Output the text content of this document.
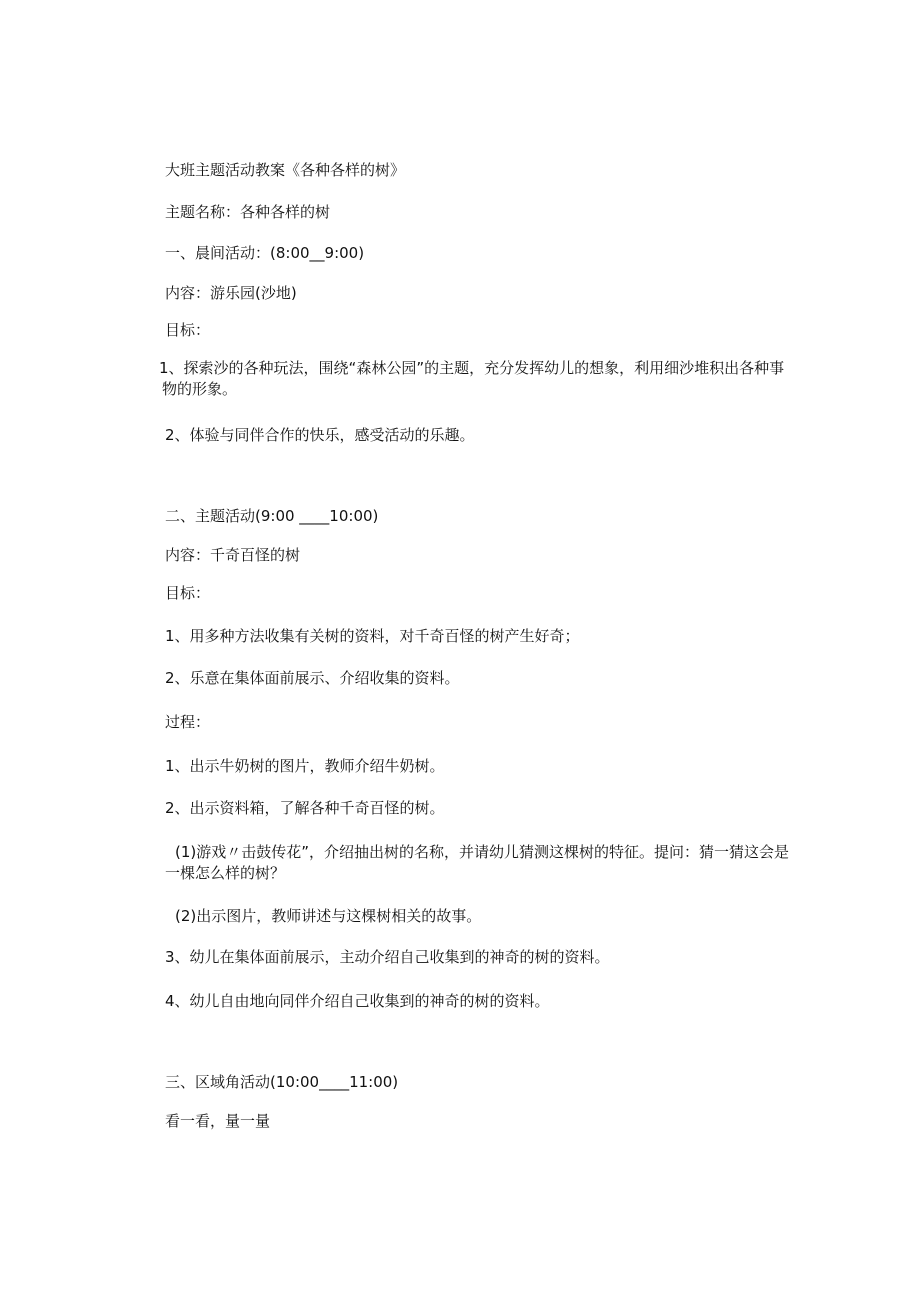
大班主题活动教案《各种各样的树》
主题名称：各种各样的树
一、晨间活动：(8:00__9:00)
内容：游乐园(沙地)
目标：
1、探索沙的各种玩法，围绕“森林公园”的主题，充分发挥幼儿的想象，利用细沙堆积出各种事物的形象。
2、体验与同伴合作的快乐，感受活动的乐趣。
二、主题活动(9:00 ____10:00)
内容：千奇百怪的树
目标：
1、用多种方法收集有关树的资料，对千奇百怪的树产生好奇；
2、乐意在集体面前展示、介绍收集的资料。
过程：
1、出示牛奶树的图片，教师介绍牛奶树。
2、出示资料箱，了解各种千奇百怪的树。
(1)游戏〃击鼓传花”，介绍抽出树的名称，并请幼儿猜测这棵树的特征。提问：猜一猜这会是一棵怎么样的树？
(2)出示图片，教师讲述与这棵树相关的故事。
3、幼儿在集体面前展示，主动介绍自己收集到的神奇的树的资料。
4、幼儿自由地向同伴介绍自己收集到的神奇的树的资料。
三、区域角活动(10:00____11:00)
看一看，量一量
